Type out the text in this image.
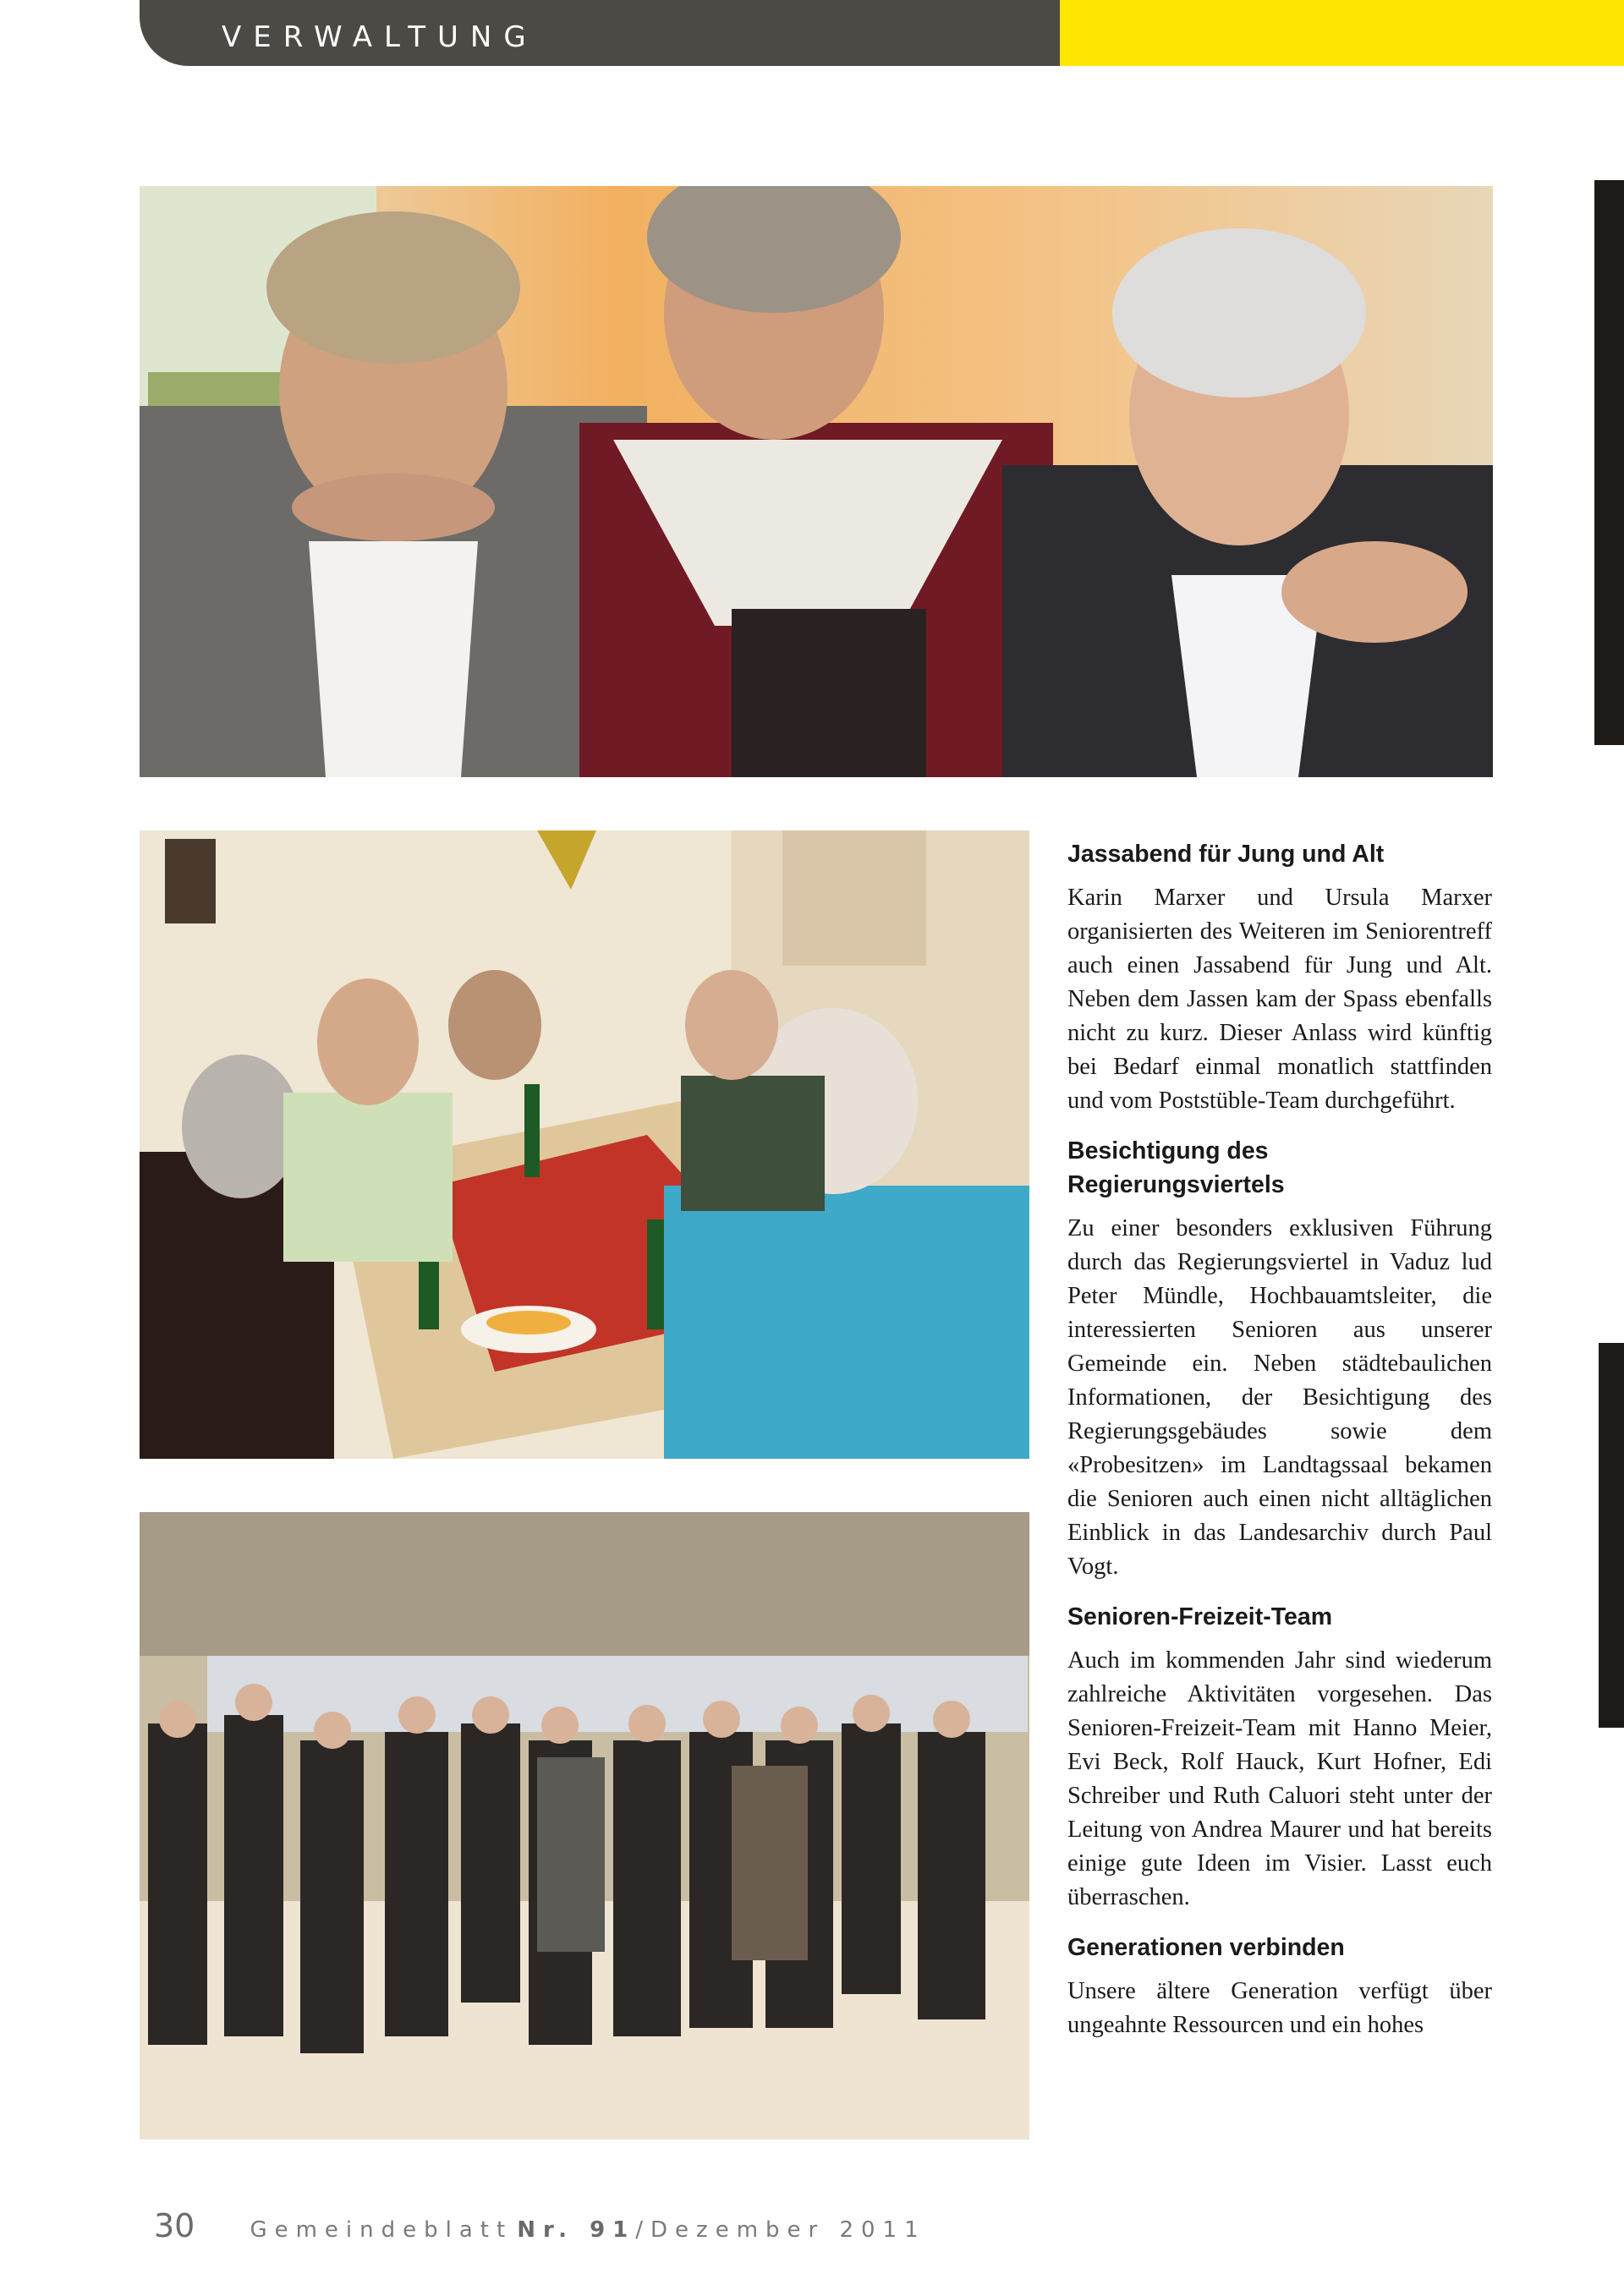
VERWALTUNG
Jassabend für Jung und Alt

Karin Marxer und Ursula Marxer organisierten des Weiteren im Seniorentreff auch einen Jassabend für Jung und Alt. Neben dem Jassen kam der Spass ebenfalls nicht zu kurz. Dieser Anlass wird künftig bei Bedarf einmal monatlich stattfinden und vom Poststüble-Team durchgeführt.

Besichtigung des Regierungsviertels

Zu einer besonders exklusiven Führung durch das Regierungsviertel in Vaduz lud Peter Mündle, Hochbauamtsleiter, die interessierten Senioren aus unserer Gemeinde ein. Neben städtebaulichen Informationen, der Besichtigung des Regierungsgebäudes sowie dem «Probesitzen» im Landtagssaal bekamen die Senioren auch einen nicht alltäglichen Einblick in das Landesarchiv durch Paul Vogt.

Senioren-Freizeit-Team

Auch im kommenden Jahr sind wiederum zahlreiche Aktivitäten vorgesehen. Das Senioren-Freizeit-Team mit Hanno Meier, Evi Beck, Rolf Hauck, Kurt Hofner, Edi Schreiber und Ruth Caluori steht unter der Leitung von Andrea Maurer und hat bereits einige gute Ideen im Visier. Lasst euch überraschen.

Generationen verbinden

Unsere ältere Generation verfügt über ungeahnte Ressourcen und ein hohes

30	Gemeindeblatt Nr. 91/Dezember 2011
